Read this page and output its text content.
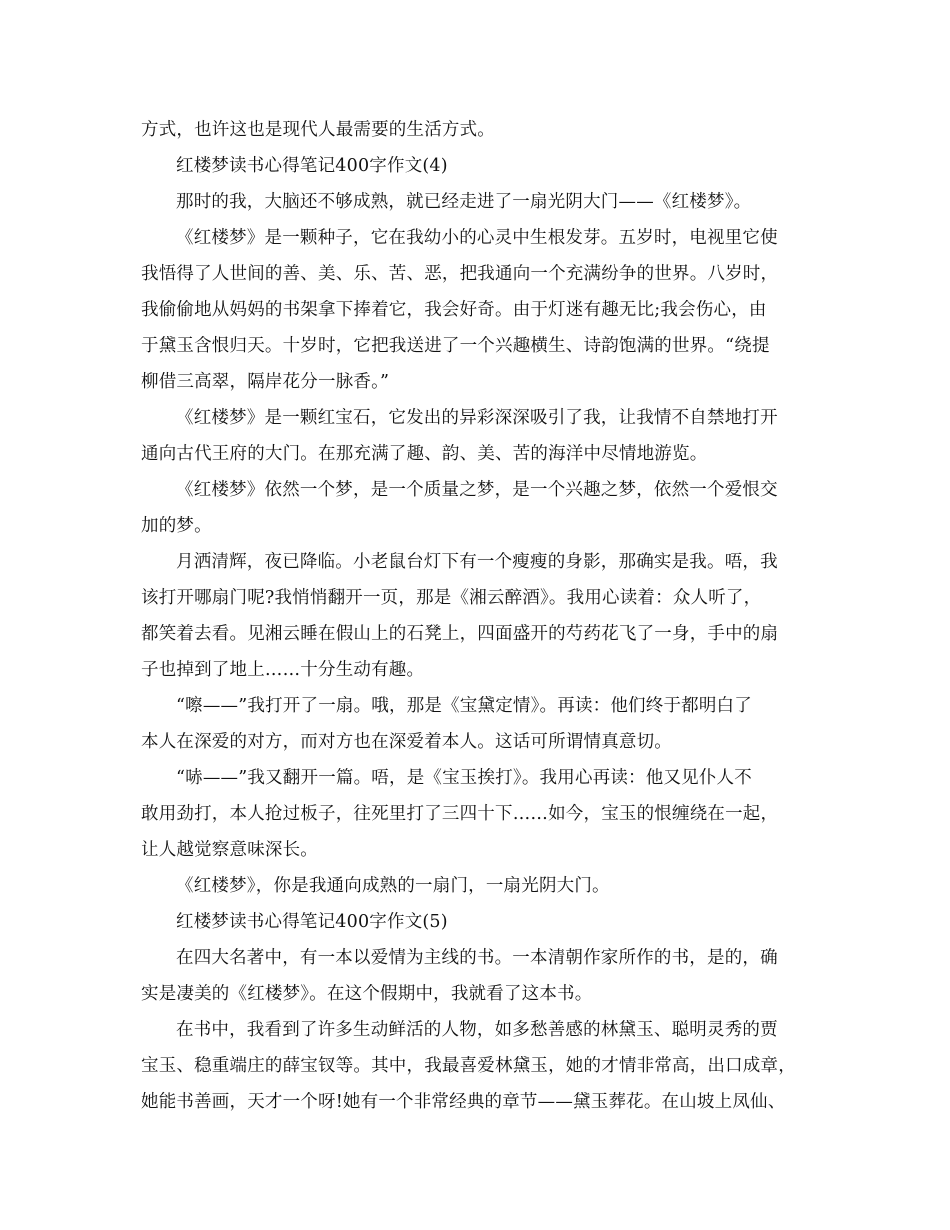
方式，也许这也是现代人最需要的生活方式。
红楼梦读书心得笔记400字作文(4)
那时的我，大脑还不够成熟，就已经走进了一扇光阴大门——《红楼梦》。
《红楼梦》是一颗种子，它在我幼小的心灵中生根发芽。五岁时，电视里它使
我悟得了人世间的善、美、乐、苦、恶，把我通向一个充满纷争的世界。八岁时，
我偷偷地从妈妈的书架拿下捧着它，我会好奇。由于灯迷有趣无比;我会伤心，由
于黛玉含恨归天。十岁时，它把我送进了一个兴趣横生、诗韵饱满的世界。“绕提
柳借三高翠，隔岸花分一脉香。”
《红楼梦》是一颗红宝石，它发出的异彩深深吸引了我，让我情不自禁地打开
通向古代王府的大门。在那充满了趣、韵、美、苦的海洋中尽情地游览。
《红楼梦》依然一个梦，是一个质量之梦，是一个兴趣之梦，依然一个爱恨交
加的梦。
月洒清辉，夜已降临。小老鼠台灯下有一个瘦瘦的身影，那确实是我。唔，我
该打开哪扇门呢?我悄悄翻开一页，那是《湘云醉酒》。我用心读着：众人听了，
都笑着去看。见湘云睡在假山上的石凳上，四面盛开的芍药花飞了一身，手中的扇
子也掉到了地上……十分生动有趣。
“嚓——”我打开了一扇。哦，那是《宝黛定情》。再读：他们终于都明白了
本人在深爱的对方，而对方也在深爱着本人。这话可所谓情真意切。
“哧——”我又翻开一篇。唔，是《宝玉挨打》。我用心再读：他又见仆人不
敢用劲打，本人抢过板子，往死里打了三四十下……如今，宝玉的恨缠绕在一起，
让人越觉察意味深长。
《红楼梦》，你是我通向成熟的一扇门，一扇光阴大门。
红楼梦读书心得笔记400字作文(5)
在四大名著中，有一本以爱情为主线的书。一本清朝作家所作的书，是的，确
实是凄美的《红楼梦》。在这个假期中，我就看了这本书。
在书中，我看到了许多生动鲜活的人物，如多愁善感的林黛玉、聪明灵秀的贾
宝玉、稳重端庄的薛宝钗等。其中，我最喜爱林黛玉，她的才情非常高，出口成章，
她能书善画，天才一个呀!她有一个非常经典的章节——黛玉葬花。在山坡上凤仙、
